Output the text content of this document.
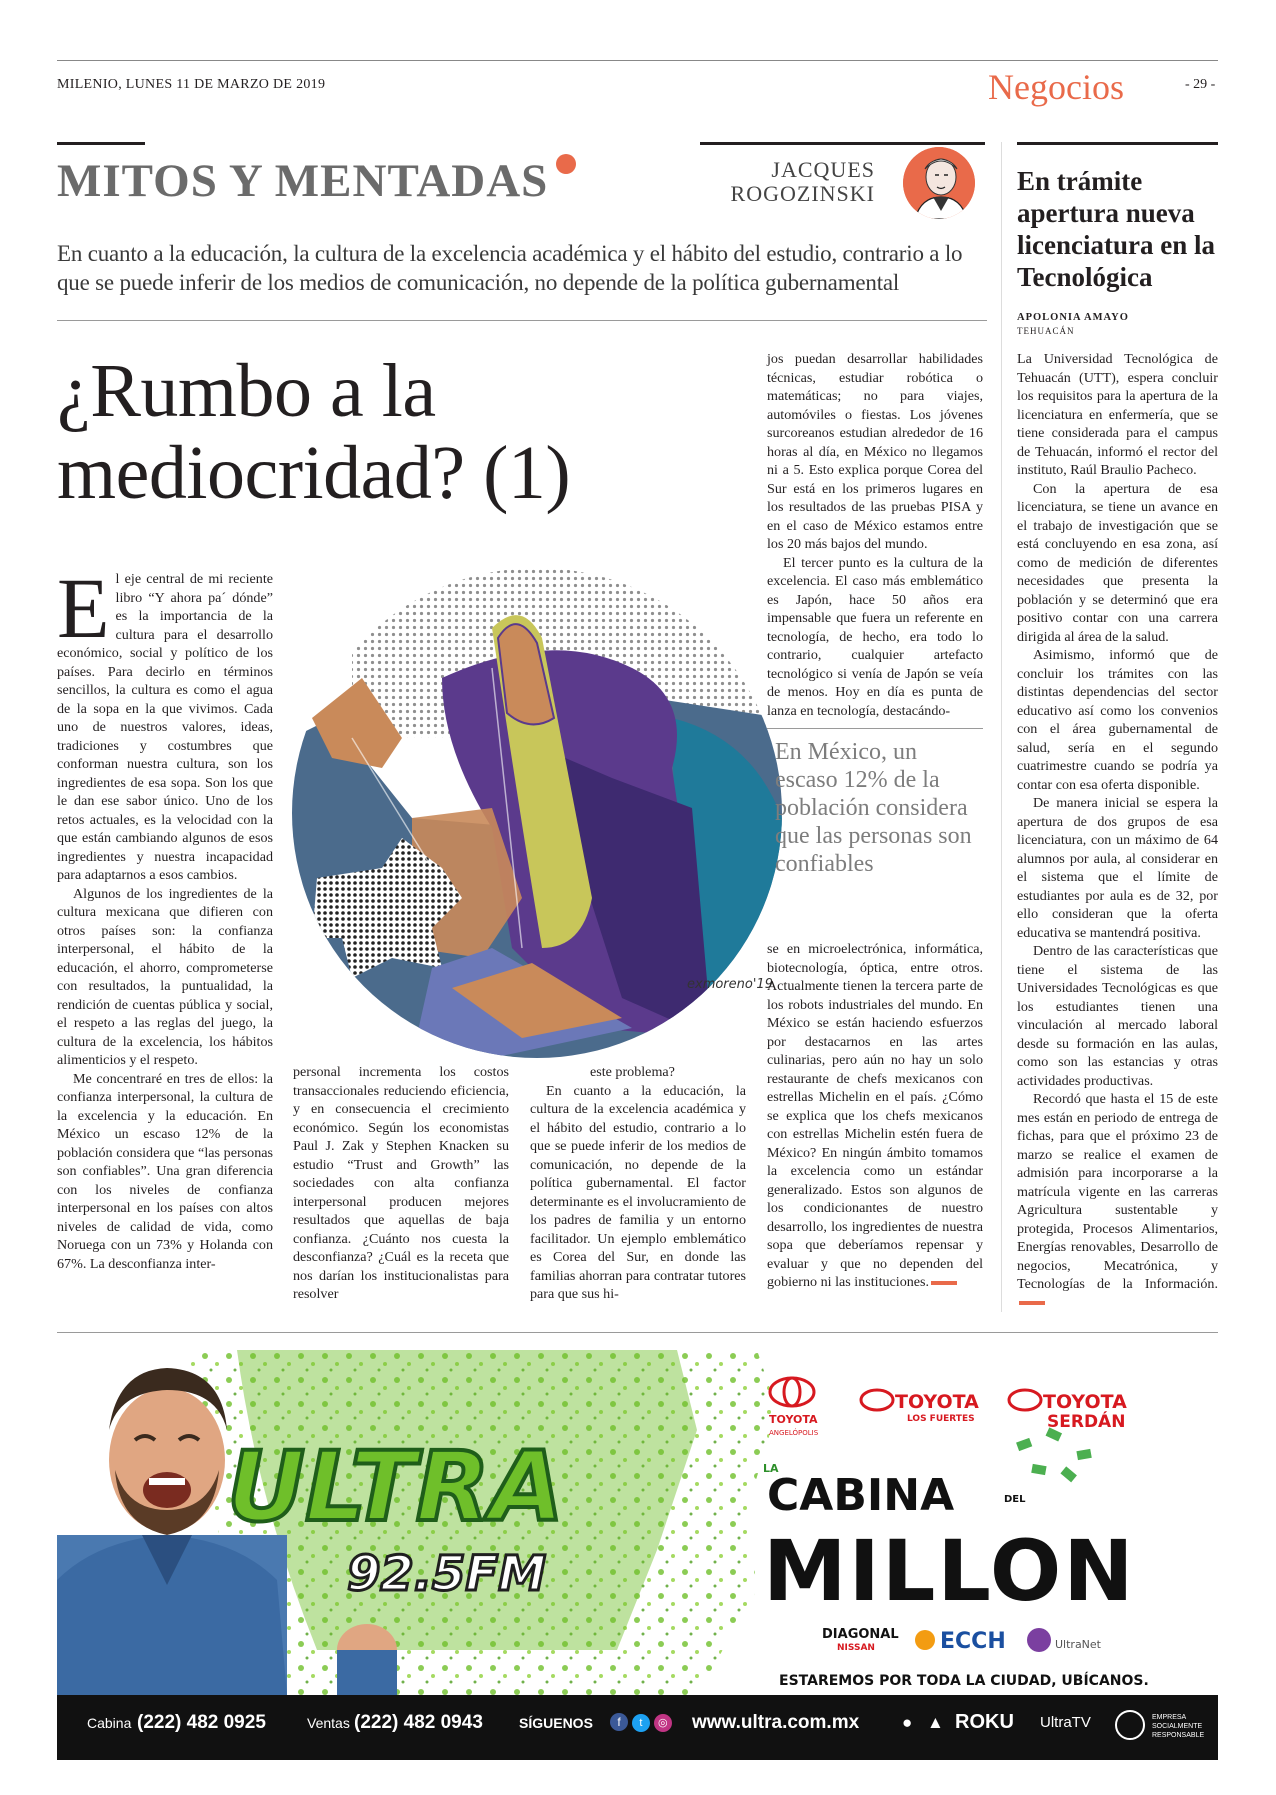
MILENIO, LUNES 11 DE MARZO DE 2019	Negocios	- 29 -
MITOS Y MENTADAS	JACQUES
ROGOZINSKI
En cuanto a la educación, la cultura de la excelencia académica y el hábito del estudio, contrario a lo que se puede inferir de los medios de comunicación, no depende de la política gubernamental
¿Rumbo a la
mediocridad? (1)
exmoreno'19

El eje central de mi reciente libro “Y ahora pa´ dónde” es la importancia de la cultura para el desarrollo económico, social y político de los países. Para decirlo en términos sencillos, la cultura es como el agua de la sopa en la que vivimos. Cada uno de nuestros valores, ideas, tradiciones y costumbres que conforman nuestra cultura, son los ingredientes de esa sopa. Son los que le dan ese sabor único. Uno de los retos actuales, es la velocidad con la que están cambiando algunos de esos ingredientes y nuestra incapacidad para adaptarnos a esos cambios.

Algunos de los ingredientes de la cultura mexicana que difieren con otros países son: la confianza interpersonal, el hábito de la educación, el ahorro, comprometerse con resultados, la puntualidad, la rendición de cuentas pública y social, el respeto a las reglas del juego, la cultura de la excelencia, los hábitos alimenticios y el respeto.

Me concentraré en tres de ellos: la confianza interpersonal, la cultura de la excelencia y la educación. En México un escaso 12% de la población considera que “las personas son confiables”. Una gran diferencia con los niveles de confianza interpersonal en los países con altos niveles de calidad de vida, como Noruega con un 73% y Holanda con 67%. La desconfianza inter-

personal incrementa los costos transaccionales reduciendo eficiencia, y en consecuencia el crecimiento económico. Según los economistas Paul J. Zak y Stephen Knacken su estudio “Trust and Growth” las sociedades con alta confianza interpersonal producen mejores resultados que aquellas de baja confianza. ¿Cuánto nos cuesta la desconfianza? ¿Cuál es la receta que nos darían los institucionalistas para resolver

este problema?

En cuanto a la educación, la cultura de la excelencia académica y el hábito del estudio, contrario a lo que se puede inferir de los medios de comunicación, no depende de la política gubernamental. El factor determinante es el involucramiento de los padres de familia y un entorno facilitador. Un ejemplo emblemático es Corea del Sur, en donde las familias ahorran para contratar tutores para que sus hi-

jos puedan desarrollar habilidades técnicas, estudiar robótica o matemáticas; no para viajes, automóviles o fiestas. Los jóvenes surcoreanos estudian alrededor de 16 horas al día, en México no llegamos ni a 5. Esto explica porque Corea del Sur está en los primeros lugares en los resultados de las pruebas PISA y en el caso de México estamos entre los 20 más bajos del mundo.

El tercer punto es la cultura de la excelencia. El caso más emblemático es Japón, hace 50 años era impensable que fuera un referente en tecnología, de hecho, era todo lo contrario, cualquier artefacto tecnológico si venía de Japón se veía de menos. Hoy en día es punta de lanza en tecnología, destacándo-

En México, un escaso 12% de la población considera que las personas son confiables

se en microelectrónica, informática, biotecnología, óptica, entre otros. Actualmente tienen la tercera parte de los robots industriales del mundo. En México se están haciendo esfuerzos por destacarnos en las artes culinarias, pero aún no hay un solo restaurante de chefs mexicanos con estrellas Michelin en el país. ¿Cómo se explica que los chefs mexicanos con estrellas Michelin estén fuera de México? En ningún ámbito tomamos la excelencia como un estándar generalizado. Estos son algunos de los condicionantes de nuestro desarrollo, los ingredientes de nuestra sopa que deberíamos repensar y evaluar y que no dependen del gobierno ni las instituciones.

En trámite apertura nueva licenciatura en la Tecnológica
APOLONIA AMAYO
TEHUACÁN

La Universidad Tecnológica de Tehuacán (UTT), espera concluir los requisitos para la apertura de la licenciatura en enfermería, que se tiene considerada para el campus de Tehuacán, informó el rector del instituto, Raúl Braulio Pacheco.

Con la apertura de esa licenciatura, se tiene un avance en el trabajo de investigación que se está concluyendo en esa zona, así como de medición de diferentes necesidades que presenta la población y se determinó que era positivo contar con una carrera dirigida al área de la salud.

Asimismo, informó que de concluir los trámites con las distintas dependencias del sector educativo así como los convenios con el área gubernamental de salud, sería en el segundo cuatrimestre cuando se podría ya contar con esa oferta disponible.

De manera inicial se espera la apertura de dos grupos de esa licenciatura, con un máximo de 64 alumnos por aula, al considerar en el sistema que el límite de estudiantes por aula es de 32, por ello consideran que la oferta educativa se mantendrá positiva.

Dentro de las características que tiene el sistema de las Universidades Tecnológicas es que los estudiantes tienen una vinculación al mercado laboral desde su formación en las aulas, como son las estancias y otras actividades productivas.

Recordó que hasta el 15 de este mes están en periodo de entrega de fichas, para que el próximo 23 de marzo se realice el examen de admisión para incorporarse a la matrícula vigente en las carreras Agricultura sustentable y protegida, Procesos Alimentarios, Energías renovables, Desarrollo de negocios, Mecatrónica, y Tecnologías de la Información.

ULTRA
92.5FM
TOYOTA
ANGELÓPOLIS
TOYOTA
LOS FUERTES
TOYOTA
SERDÁN
LA
CABINA	DEL
MILLON
DIAGONAL
NISSAN	ECCH	UltraNet
ESTAREMOS POR TODA LA CIUDAD, UBÍCANOS.
Cabina (222) 482 0925	Ventas (222) 482 0943	SÍGUENOS	f t ◎ www.ultra.com.mx	● ▲ ROKU UltraTV	EMPRESA SOCIALMENTE RESPONSABLE
